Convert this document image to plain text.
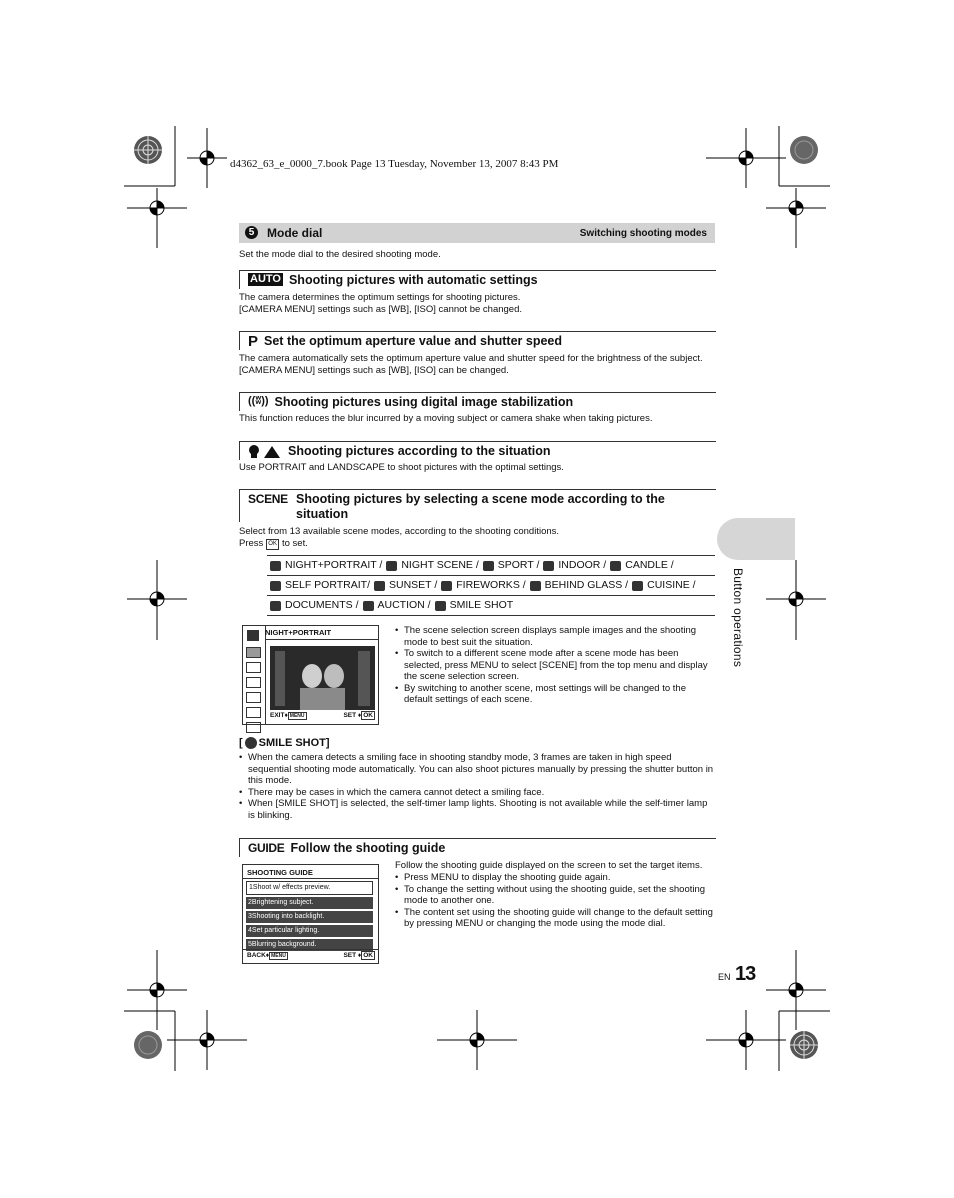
d4362_63_e_0000_7.book Page 13 Tuesday, November 13, 2007 8:43 PM
5	Mode dial	Switching shooting modes
Set the mode dial to the desired shooting mode.
AUTO Shooting pictures with automatic settings
The camera determines the optimum settings for shooting pictures.
[CAMERA MENU] settings such as [WB], [ISO] cannot be changed.
P Set the optimum aperture value and shutter speed
The camera automatically sets the optimum aperture value and shutter speed for the brightness of the subject.
[CAMERA MENU] settings such as [WB], [ISO] can be changed.
((ʬ)) Shooting pictures using digital image stabilization
This function reduces the blur incurred by a moving subject or camera shake when taking pictures.
Shooting pictures according to the situation
Use PORTRAIT and LANDSCAPE to shoot pictures with the optimal settings.
SCENE Shooting pictures by selecting a scene mode according to the situation
Select from 13 available scene modes, according to the shooting conditions.
Press OK to set.
NIGHT+PORTRAIT / NIGHT SCENE / SPORT / INDOOR / CANDLE /
SELF PORTRAIT/ SUNSET / FIREWORKS / BEHIND GLASS / CUISINE /
DOCUMENTS / AUCTION / SMILE SHOT
NIGHT+PORTRAIT
EXIT♦ MENU	SET ♦ OK
• The scene selection screen displays sample images and the shooting mode to best suit the situation.
• To switch to a different scene mode after a scene mode has been selected, press MENU to select [SCENE] from the top menu and display the scene selection screen.
• By switching to another scene, most settings will be changed to the default settings of each scene.
[ SMILE SHOT]
• When the camera detects a smiling face in shooting standby mode, 3 frames are taken in high speed sequential shooting mode automatically. You can also shoot pictures manually by pressing the shutter button in this mode.
• There may be cases in which the camera cannot detect a smiling face.
• When [SMILE SHOT] is selected, the self-timer lamp lights. Shooting is not available while the self-timer lamp is blinking.
GUIDE Follow the shooting guide
SHOOTING GUIDE
1Shoot w/ effects preview.
2Brightening subject.
3Shooting into backlight.
4Set particular lighting.
5Blurring background.
BACK♦ MENU	SET ♦ OK
Follow the shooting guide displayed on the screen to set the target items.
• Press MENU to display the shooting guide again.
• To change the setting without using the shooting guide, set the shooting mode to another one.
• The content set using the shooting guide will change to the default setting by pressing MENU or changing the mode using the mode dial.
Button operations
EN 13
